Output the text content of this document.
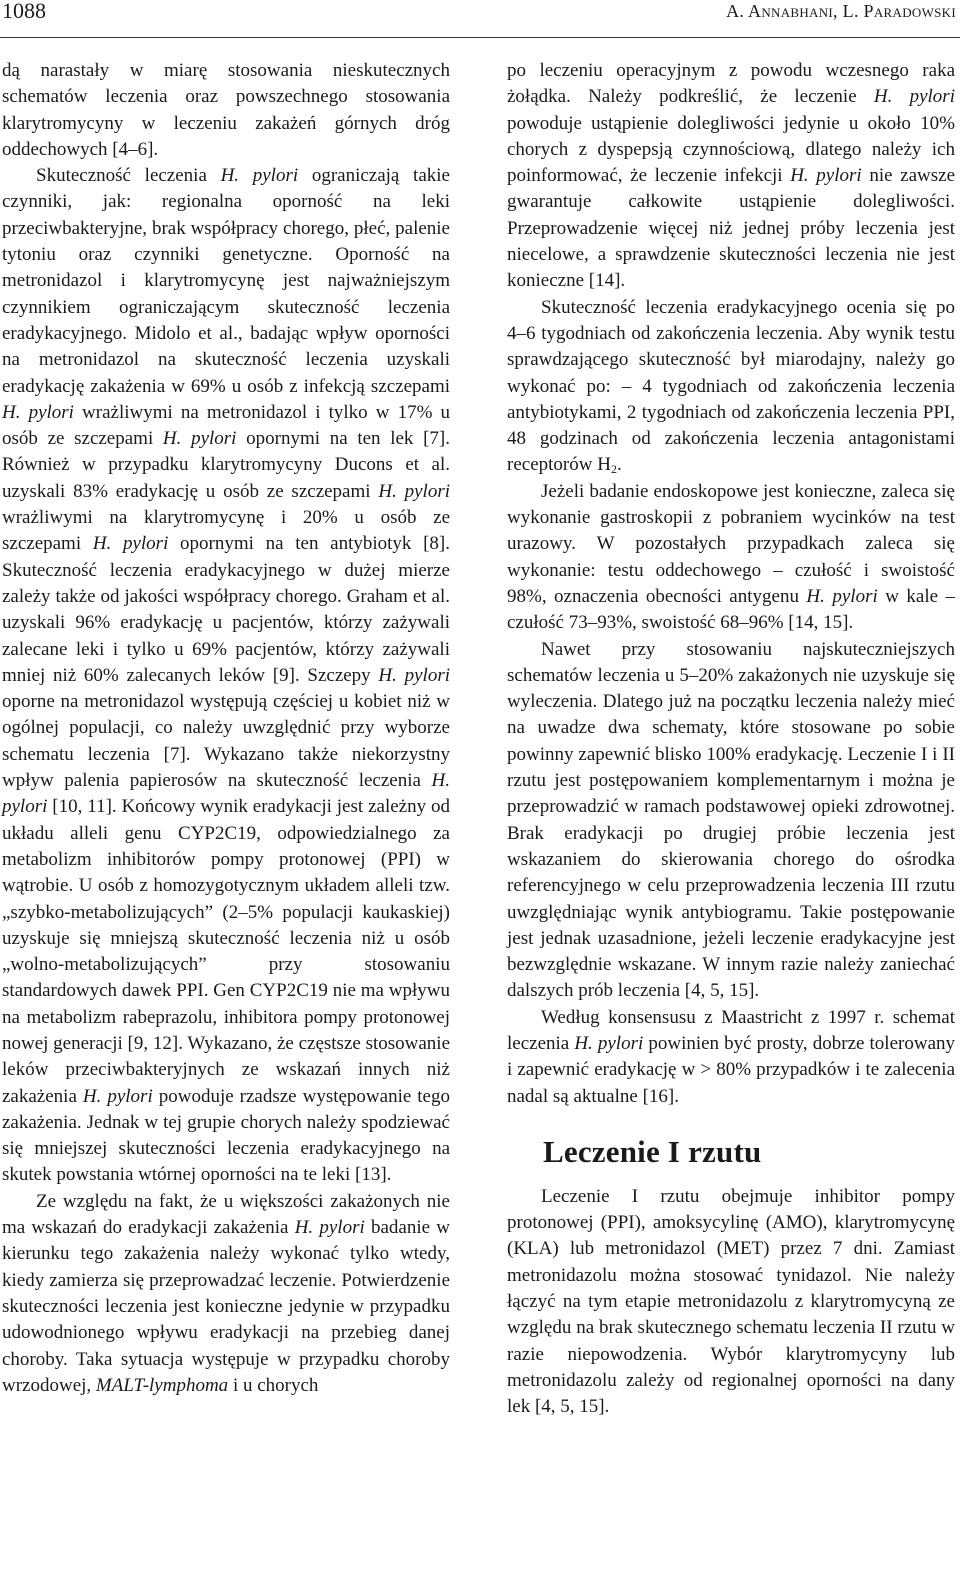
1088	A. Annabhani, L. Paradowski

dą narastały w miarę stosowania nieskutecznych schematów leczenia oraz powszechnego stosowania klarytromycyny w leczeniu zakażeń górnych dróg oddechowych [4–6].

Skuteczność leczenia H. pylori ograniczają takie czynniki, jak: regionalna oporność na leki przeciwbakteryjne, brak współpracy chorego, płeć, palenie tytoniu oraz czynniki genetyczne. Oporność na metronidazol i klarytromycynę jest najważniejszym czynnikiem ograniczającym skuteczność leczenia eradykacyjnego. Midolo et al., badając wpływ oporności na metronidazol na skuteczność leczenia uzyskali eradykację zakażenia w 69% u osób z infekcją szczepami H. pylori wrażliwymi na metronidazol i tylko w 17% u osób ze szczepami H. pylori opornymi na ten lek [7]. Również w przypadku klarytromycyny Ducons et al. uzyskali 83% eradykację u osób ze szczepami H. pylori wrażliwymi na klarytromycynę i 20% u osób ze szczepami H. pylori opornymi na ten antybiotyk [8]. Skuteczność leczenia eradykacyjnego w dużej mierze zależy także od jakości współpracy chorego. Graham et al. uzyskali 96% eradykację u pacjentów, którzy zażywali zalecane leki i tylko u 69% pacjentów, którzy zażywali mniej niż 60% zalecanych leków [9]. Szczepy H. pylori oporne na metronidazol występują częściej u kobiet niż w ogólnej populacji, co należy uwzględnić przy wyborze schematu leczenia [7]. Wykazano także niekorzystny wpływ palenia papierosów na skuteczność leczenia H. pylori [10, 11]. Końcowy wynik eradykacji jest zależny od układu alleli genu CYP2C19, odpowiedzialnego za metabolizm inhibitorów pompy protonowej (PPI) w wątrobie. U osób z homozygotycznym układem alleli tzw. „szybko-metabolizujących” (2–5% populacji kaukaskiej) uzyskuje się mniejszą skuteczność leczenia niż u osób „wolno-metabolizujących” przy stosowaniu standardowych dawek PPI. Gen CYP2C19 nie ma wpływu na metabolizm rabeprazolu, inhibitora pompy protonowej nowej generacji [9, 12]. Wykazano, że częstsze stosowanie leków przeciwbakteryjnych ze wskazań innych niż zakażenia H. pylori powoduje rzadsze występowanie tego zakażenia. Jednak w tej grupie chorych należy spodziewać się mniejszej skuteczności leczenia eradykacyjnego na skutek powstania wtórnej oporności na te leki [13].

Ze względu na fakt, że u większości zakażonych nie ma wskazań do eradykacji zakażenia H. pylori badanie w kierunku tego zakażenia należy wykonać tylko wtedy, kiedy zamierza się przeprowadzać leczenie. Potwierdzenie skuteczności leczenia jest konieczne jedynie w przypadku udowodnionego wpływu eradykacji na przebieg danej choroby. Taka sytuacja występuje w przypadku choroby wrzodowej, MALT-lymphoma i u chorych

po leczeniu operacyjnym z powodu wczesnego raka żołądka. Należy podkreślić, że leczenie H. pylori powoduje ustąpienie dolegliwości jedynie u około 10% chorych z dyspepsją czynnościową, dlatego należy ich poinformować, że leczenie infekcji H. pylori nie zawsze gwarantuje całkowite ustąpienie dolegliwości. Przeprowadzenie więcej niż jednej próby leczenia jest niecelowe, a sprawdzenie skuteczności leczenia nie jest konieczne [14].

Skuteczność leczenia eradykacyjnego ocenia się po 4–6 tygodniach od zakończenia leczenia. Aby wynik testu sprawdzającego skuteczność był miarodajny, należy go wykonać po: – 4 tygodniach od zakończenia leczenia antybiotykami, 2 tygodniach od zakończenia leczenia PPI, 48 godzinach od zakończenia leczenia antagonistami receptorów $H_2$.

Jeżeli badanie endoskopowe jest konieczne, zaleca się wykonanie gastroskopii z pobraniem wycinków na test urazowy. W pozostałych przypadkach zaleca się wykonanie: testu oddechowego – czułość i swoistość 98%, oznaczenia obecności antygenu H. pylori w kale – czułość 73–93%, swoistość 68–96% [14, 15].

Nawet przy stosowaniu najskuteczniejszych schematów leczenia u 5–20% zakażonych nie uzyskuje się wyleczenia. Dlatego już na początku leczenia należy mieć na uwadze dwa schematy, które stosowane po sobie powinny zapewnić blisko 100% eradykację. Leczenie I i II rzutu jest postępowaniem komplementarnym i można je przeprowadzić w ramach podstawowej opieki zdrowotnej. Brak eradykacji po drugiej próbie leczenia jest wskazaniem do skierowania chorego do ośrodka referencyjnego w celu przeprowadzenia leczenia III rzutu uwzględniając wynik antybiogramu. Takie postępowanie jest jednak uzasadnione, jeżeli leczenie eradykacyjne jest bezwzględnie wskazane. W innym razie należy zaniechać dalszych prób leczenia [4, 5, 15].

Według konsensusu z Maastricht z 1997 r. schemat leczenia H. pylori powinien być prosty, dobrze tolerowany i zapewnić eradykację w > 80% przypadków i te zalecenia nadal są aktualne [16].

Leczenie I rzutu

Leczenie I rzutu obejmuje inhibitor pompy protonowej (PPI), amoksycylinę (AMO), klarytromycynę (KLA) lub metronidazol (MET) przez 7 dni. Zamiast metronidazolu można stosować tynidazol. Nie należy łączyć na tym etapie metronidazolu z klarytromycyną ze względu na brak skutecznego schematu leczenia II rzutu w razie niepowodzenia. Wybór klarytromycyny lub metronidazolu zależy od regionalnej oporności na dany lek [4, 5, 15].
